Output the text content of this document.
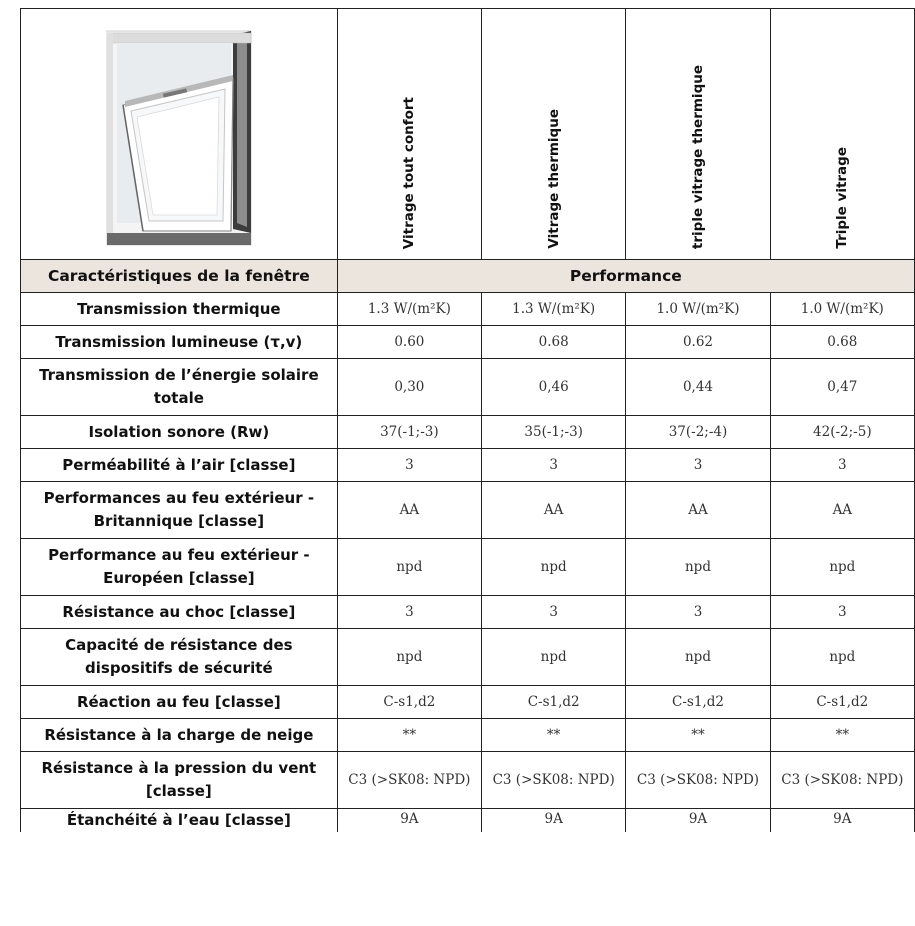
Vitrage tout confort	Vitrage thermique	triple vitrage thermique	Triple vitrage

Caractéristiques de la fenêtre	Performance			
Transmission thermique	1.3 W/(m²K)	1.3 W/(m²K)	1.0 W/(m²K)	1.0 W/(m²K)
Transmission lumineuse (τ,v)	0.60	0.68	0.62	0.68
Transmission de l’énergie solaire totale	0,30	0,46	0,44	0,47
Isolation sonore (Rw)	37(-1;-3)	35(-1;-3)	37(-2;-4)	42(-2;-5)
Perméabilité à l’air [classe]	3	3	3	3
Performances au feu extérieur - Britannique [classe]	AA	AA	AA	AA
Performance au feu extérieur - Européen [classe]	npd	npd	npd	npd
Résistance au choc [classe]	3	3	3	3
Capacité de résistance des dispositifs de sécurité	npd	npd	npd	npd
Réaction au feu [classe]	C-s1,d2	C-s1,d2	C-s1,d2	C-s1,d2
Résistance à la charge de neige	**	**	**	**
Résistance à la pression du vent [classe]	C3 (>SK08: NPD)	C3 (>SK08: NPD)	C3 (>SK08: NPD)	C3 (>SK08: NPD)
Étanchéité à l’eau [classe]	9A	9A	9A	9A
